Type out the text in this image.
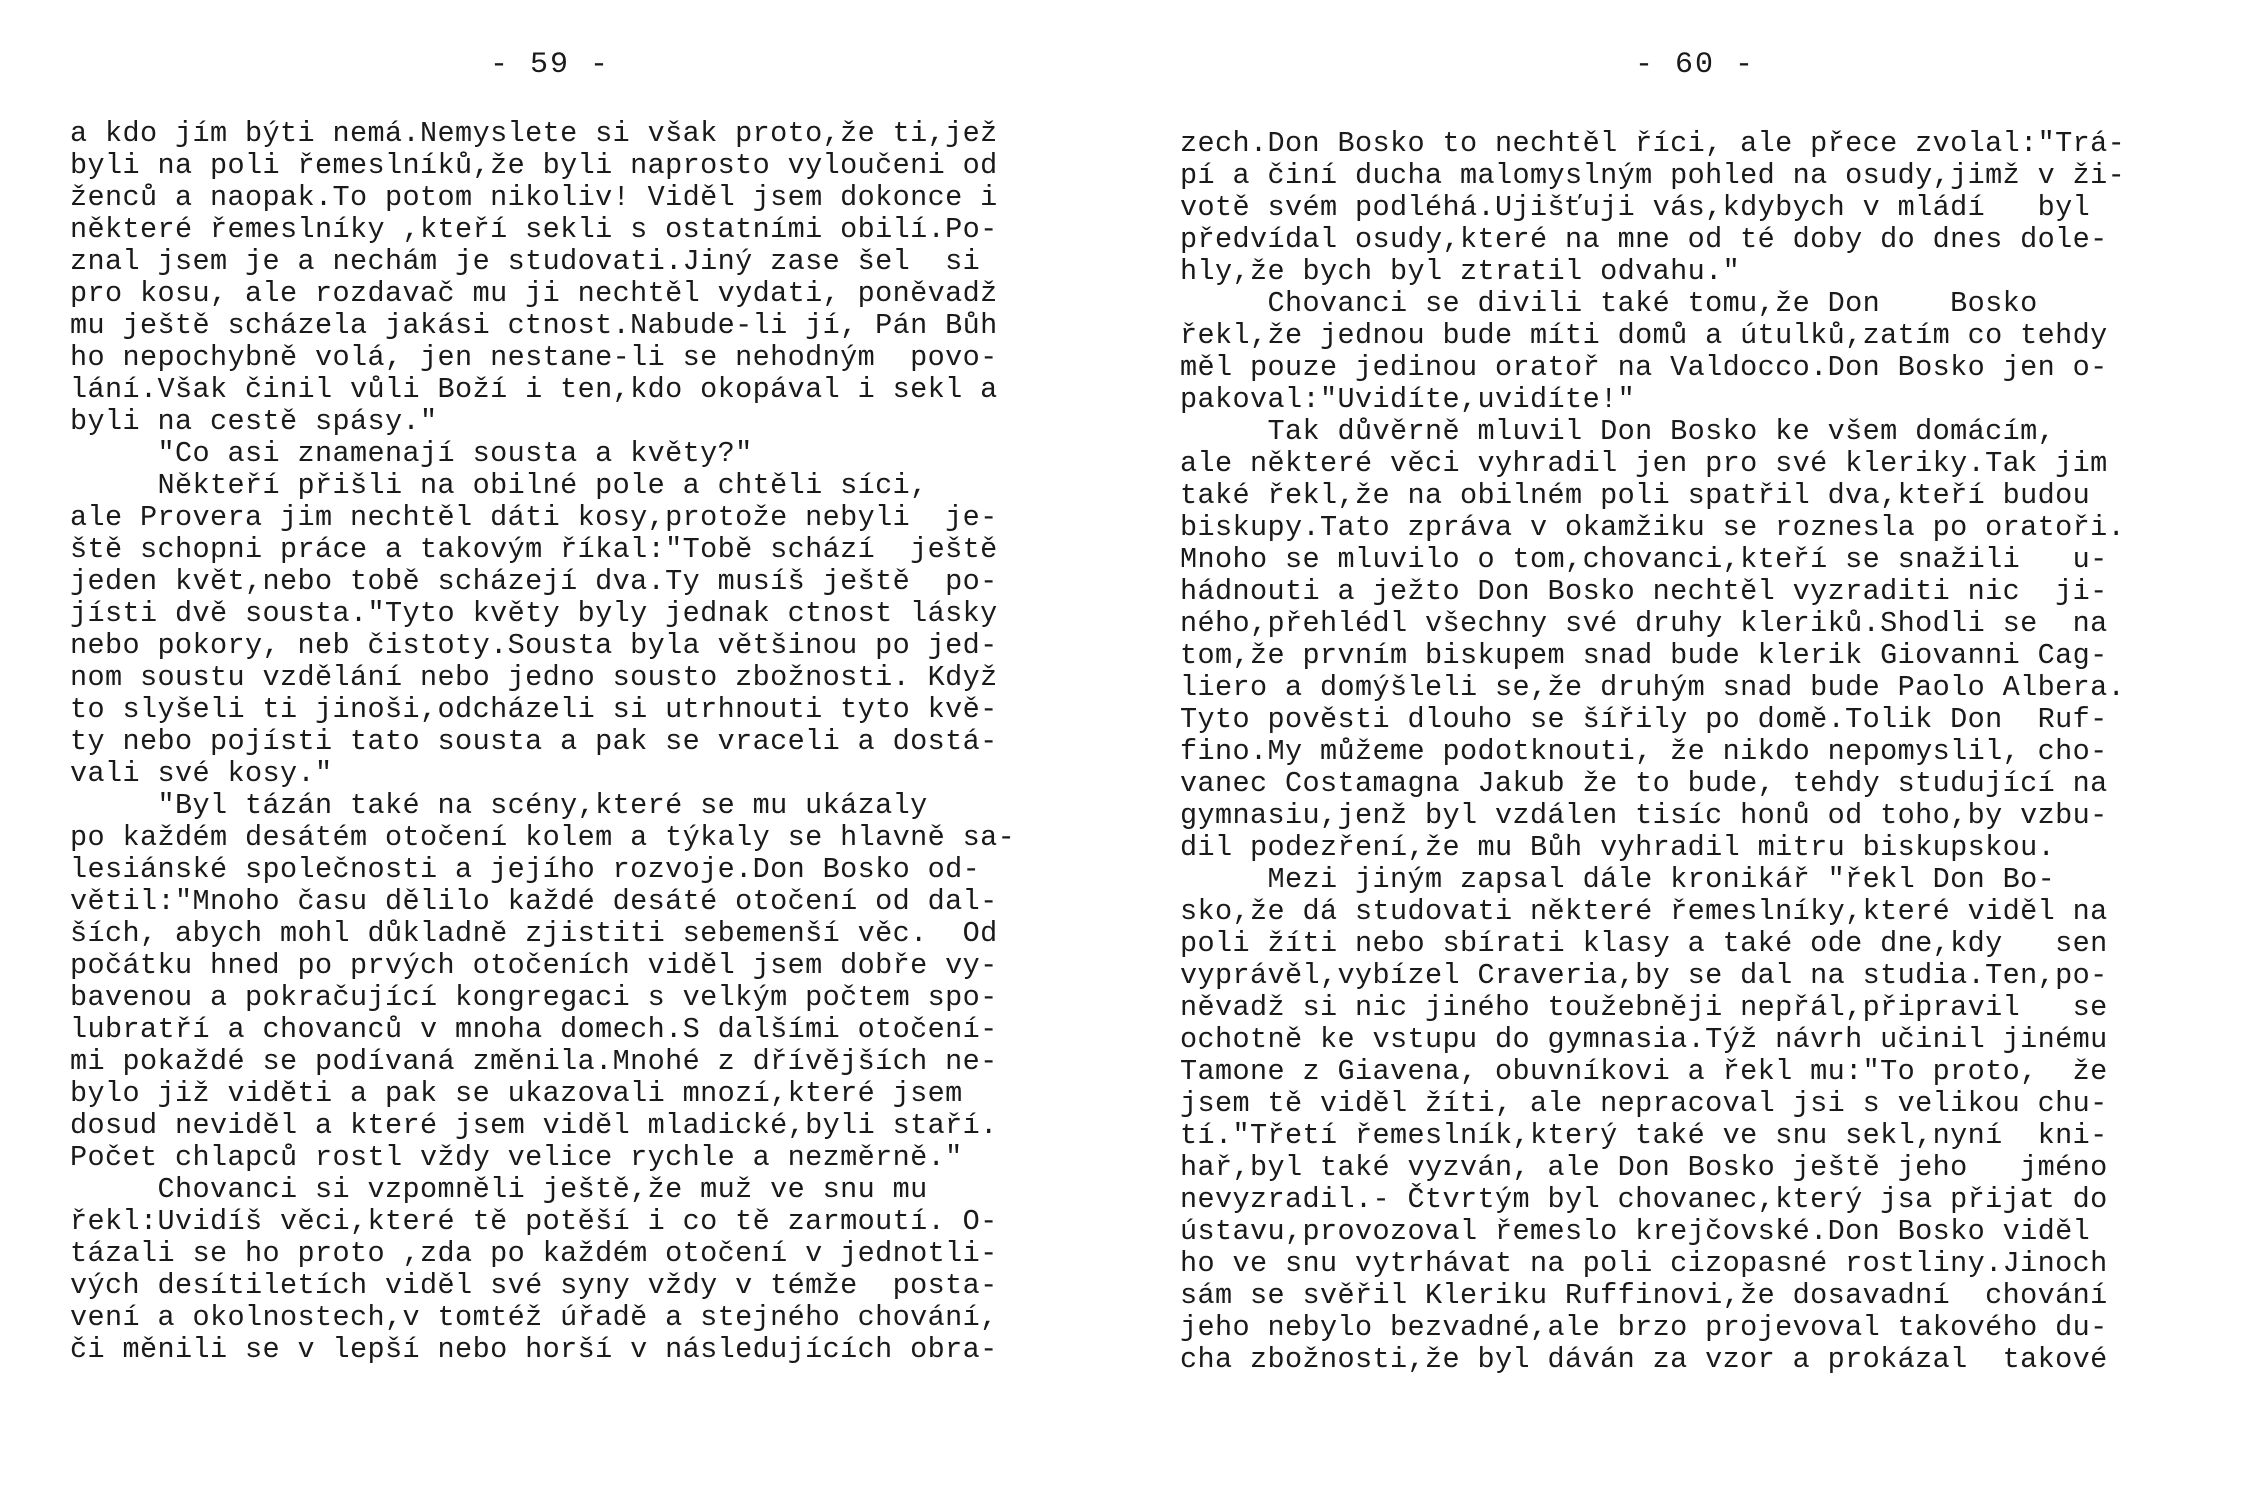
- 59 -
a kdo jím býti nemá.Nemyslete si však proto,že ti,jež
byli na poli řemeslníků,že byli naprosto vyloučeni od
ženců a naopak.To potom nikoliv! Viděl jsem dokonce i
některé řemeslníky ,kteří sekli s ostatními obilí.Po-
znal jsem je a nechám je studovati.Jiný zase šel  si
pro kosu, ale rozdavač mu ji nechtěl vydati, poněvadž
mu ještě scházela jakási ctnost.Nabude-li jí, Pán Bůh
ho nepochybně volá, jen nestane-li se nehodným  povo-
lání.Však činil vůli Boží i ten,kdo okopával i sekl a
byli na cestě spásy."
"Co asi znamenají sousta a květy?"
Někteří přišli na obilné pole a chtěli síci,
ale Provera jim nechtěl dáti kosy,protože nebyli  je-
ště schopni práce a takovým říkal:"Tobě schází  ještě
jeden květ,nebo tobě scházejí dva.Ty musíš ještě  po-
jísti dvě sousta."Tyto květy byly jednak ctnost lásky
nebo pokory, neb čistoty.Sousta byla většinou po jed-
nom soustu vzdělání nebo jedno sousto zbožnosti. Když
to slyšeli ti jinoši,odcházeli si utrhnouti tyto kvě-
ty nebo pojísti tato sousta a pak se vraceli a dostá-
vali své kosy."
"Byl tázán také na scény,které se mu ukázaly
po každém desátém otočení kolem a týkaly se hlavně sa-
lesiánské společnosti a jejího rozvoje.Don Bosko od-
větil:"Mnoho času dělilo každé desáté otočení od dal-
ších, abych mohl důkladně zjistiti sebemenší věc.  Od
počátku hned po prvých otočeních viděl jsem dobře vy-
bavenou a pokračující kongregaci s velkým počtem spo-
lubratří a chovanců v mnoha domech.S dalšími otočení-
mi pokaždé se podívaná změnila.Mnohé z dřívějších ne-
bylo již viděti a pak se ukazovali mnozí,které jsem
dosud neviděl a které jsem viděl mladické,byli staří.
Počet chlapců rostl vždy velice rychle a nezměrně."
Chovanci si vzpomněli ještě,že muž ve snu mu
řekl:Uvidíš věci,které tě potěší i co tě zarmoutí. O-
tázali se ho proto ,zda po každém otočení v jednotli-
vých desítiletích viděl své syny vždy v témže  posta-
vení a okolnostech,v tomtéž úřadě a stejného chování,
či měnili se v lepší nebo horší v následujících obra-
- 60 -
zech.Don Bosko to nechtěl říci, ale přece zvolal:"Trá-
pí a činí ducha malomyslným pohled na osudy,jimž v ži-
votě svém podléhá.Ujišťuji vás,kdybych v mládí   byl
předvídal osudy,které na mne od té doby do dnes dole-
hly,že bych byl ztratil odvahu."
Chovanci se divili také tomu,že Don    Bosko
řekl,že jednou bude míti domů a útulků,zatím co tehdy
měl pouze jedinou oratoř na Valdocco.Don Bosko jen o-
pakoval:"Uvidíte,uvidíte!"
Tak důvěrně mluvil Don Bosko ke všem domácím,
ale některé věci vyhradil jen pro své kleriky.Tak jim
také řekl,že na obilném poli spatřil dva,kteří budou
biskupy.Tato zpráva v okamžiku se roznesla po oratoři.
Mnoho se mluvilo o tom,chovanci,kteří se snažili   u-
hádnouti a ježto Don Bosko nechtěl vyzraditi nic  ji-
ného,přehlédl všechny své druhy kleriků.Shodli se  na
tom,že prvním biskupem snad bude klerik Giovanni Cag-
liero a domýšleli se,že druhým snad bude Paolo Albera.
Tyto pověsti dlouho se šířily po domě.Tolik Don  Ruf-
fino.My můžeme podotknouti, že nikdo nepomyslil, cho-
vanec Costamagna Jakub že to bude, tehdy studující na
gymnasiu,jenž byl vzdálen tisíc honů od toho,by vzbu-
dil podezření,že mu Bůh vyhradil mitru biskupskou.
Mezi jiným zapsal dále kronikář "řekl Don Bo-
sko,že dá studovati některé řemeslníky,které viděl na
poli žíti nebo sbírati klasy a také ode dne,kdy   sen
vyprávěl,vybízel Craveria,by se dal na studia.Ten,po-
něvadž si nic jiného toužebněji nepřál,připravil   se
ochotně ke vstupu do gymnasia.Týž návrh učinil jinému
Tamone z Giavena, obuvníkovi a řekl mu:"To proto,  že
jsem tě viděl žíti, ale nepracoval jsi s velikou chu-
tí."Třetí řemeslník,který také ve snu sekl,nyní  kni-
hař,byl také vyzván, ale Don Bosko ještě jeho   jméno
nevyzradil.- Čtvrtým byl chovanec,který jsa přijat do
ústavu,provozoval řemeslo krejčovské.Don Bosko viděl
ho ve snu vytrhávat na poli cizopasné rostliny.Jinoch
sám se svěřil Kleriku Ruffinovi,že dosavadní  chování
jeho nebylo bezvadné,ale brzo projevoval takového du-
cha zbožnosti,že byl dáván za vzor a prokázal  takové
